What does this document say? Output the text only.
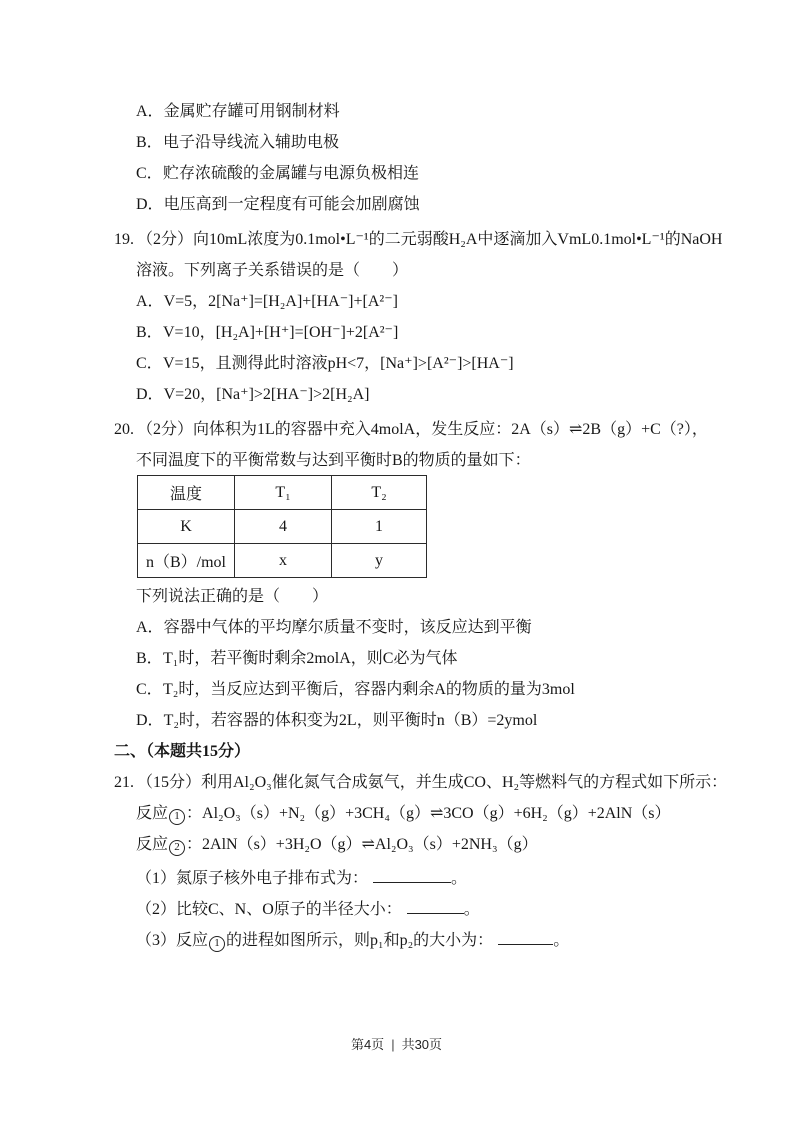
A．金属贮存罐可用钢制材料
B．电子沿导线流入辅助电极
C．贮存浓硫酸的金属罐与电源负极相连
D．电压高到一定程度有可能会加剧腐蚀
19. （2分）向10mL浓度为0.1mol•L⁻¹的二元弱酸H₂A中逐滴加入VmL0.1mol•L⁻¹的NaOH
溶液。下列离子关系错误的是（　　）
A．V=5，2[Na⁺]=[H₂A]+[HA⁻]+[A²⁻]
B．V=10，[H₂A]+[H⁺]=[OH⁻]+2[A²⁻]
C．V=15，且测得此时溶液pH<7，[Na⁺]>[A²⁻]>[HA⁻]
D．V=20，[Na⁺]>2[HA⁻]>2[H₂A]
20. （2分）向体积为1L的容器中充入4molA，发生反应：2A（s）⇌2B（g）+C（?），
不同温度下的平衡常数与达到平衡时B的物质的量如下：
温度	T₁	T₂
K	4	1
n（B）/mol	x	y
下列说法正确的是（　　）
A．容器中气体的平均摩尔质量不变时，该反应达到平衡
B．T₁时，若平衡时剩余2molA，则C必为气体
C．T₂时，当反应达到平衡后，容器内剩余A的物质的量为3mol
D．T₂时，若容器的体积变为2L，则平衡时n（B）=2ymol
二、（本题共15分）
21. （15分）利用Al₂O₃催化氮气合成氨气，并生成CO、H₂等燃料气的方程式如下所示：
反应 1 ：Al₂O₃（s）+N₂（g）+3CH₄（g）⇌3CO（g）+6H₂（g）+2AlN（s）
反应 2 ：2AlN（s）+3H₂O（g）⇌Al₂O₃（s）+2NH₃（g）
（1）氮原子核外电子排布式为：	。
（2）比较C、N、O原子的半径大小：	。
（3）反应 1 的进程如图所示，则p₁和p₂的大小为：	。
第4页 | 共30页
